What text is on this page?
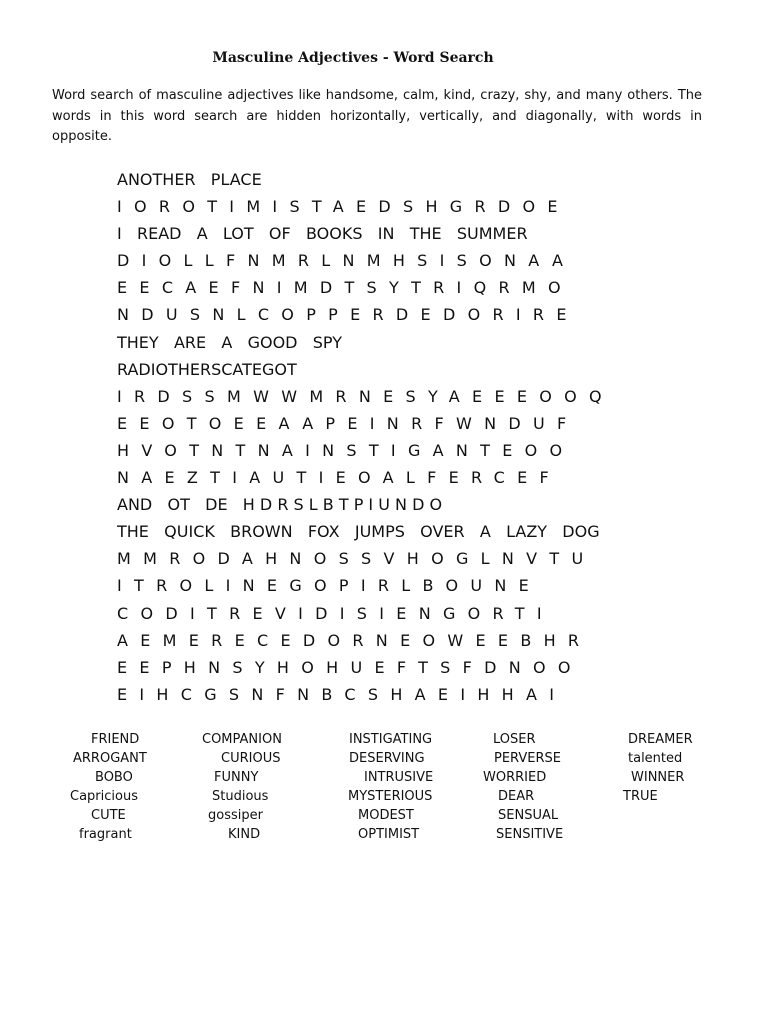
Masculine Adjectives - Word Search

Word search of masculine adjectives like handsome, calm, kind, crazy, shy, and many others. The words in this word search are hidden horizontally, vertically, and diagonally, with words in opposite.

ANOTHER   PLACE
IOROTIMISTAEDSHGRDOE
I   READ   A   LOT   OF   BOOKS   IN   THE   SUMMER
DIOLLFNMRLNMHSISONAA
EECAEFNIMDTSYTRIQRMO
NDUSNLCOPPERDEDORIRE
THEY   ARE   A   GOOD   SPY
RADIOTHERSCATEGOT
IRDSSMWWMRNESYAEEEOOQ
EEOTOEEAAPEINRFWNDUF
HVOTNTNAINSTIGANTEOO
NAEZTIAUTIEOALFERCEF
AND   OT   DE   H D R S L B T P I U N D O
THE   QUICK   BROWN   FOX   JUMPS   OVER   A   LAZY   DOG
MMRODAHNOSSVHOGLNVTU
ITROLINEGOPIRLBOUNE
CODITREVIDISIENGORTI
AEMERECEDORNEOWEEBHR
EEPHNSYHOHUEFTSFDNOO
EIHCGSNFNBCSHAEIHHAI
FRIEND	COMPANION	INSTIGATING	LOSER	DREAMER
ARROGANT	CURIOUS	DESERVING	PERVERSE	talented
BOBO	FUNNY	INTRUSIVE	WORRIED	WINNER
Capricious	Studious	MYSTERIOUS	DEAR	TRUE
CUTE	gossiper	MODEST	SENSUAL
fragrant	KIND	OPTIMIST	SENSITIVE
